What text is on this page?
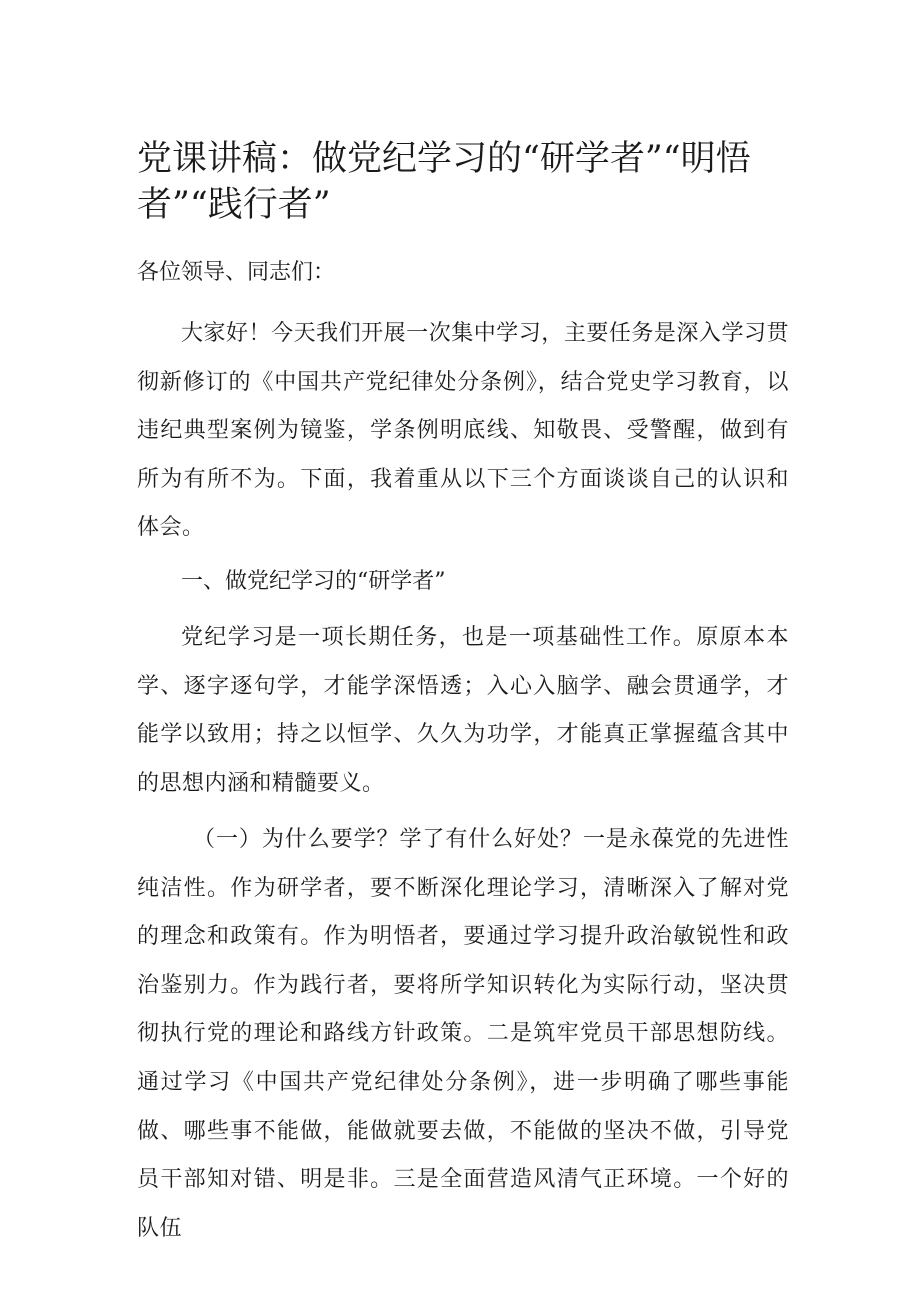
党课讲稿：做党纪学习的“研学者”“明悟者”“践行者”

各位领导、同志们：

大家好！今天我们开展一次集中学习，主要任务是深入学习贯彻新修订的《中国共产党纪律处分条例》，结合党史学习教育，以违纪典型案例为镜鉴，学条例明底线、知敬畏、受警醒，做到有所为有所不为。下面，我着重从以下三个方面谈谈自己的认识和体会。

一、做党纪学习的“研学者”

党纪学习是一项长期任务，也是一项基础性工作。原原本本学、逐字逐句学，才能学深悟透；入心入脑学、融会贯通学，才能学以致用；持之以恒学、久久为功学，才能真正掌握蕴含其中的思想内涵和精髓要义。

（一）为什么要学？学了有什么好处？一是永葆党的先进性纯洁性。作为研学者，要不断深化理论学习，清晰深入了解对党的理念和政策有。作为明悟者，要通过学习提升政治敏锐性和政治鉴别力。作为践行者，要将所学知识转化为实际行动，坚决贯彻执行党的理论和路线方针政策。二是筑牢党员干部思想防线。通过学习《中国共产党纪律处分条例》，进一步明确了哪些事能做、哪些事不能做，能做就要去做，不能做的坚决不做，引导党员干部知对错、明是非。三是全面营造风清气正环境。一个好的队伍
